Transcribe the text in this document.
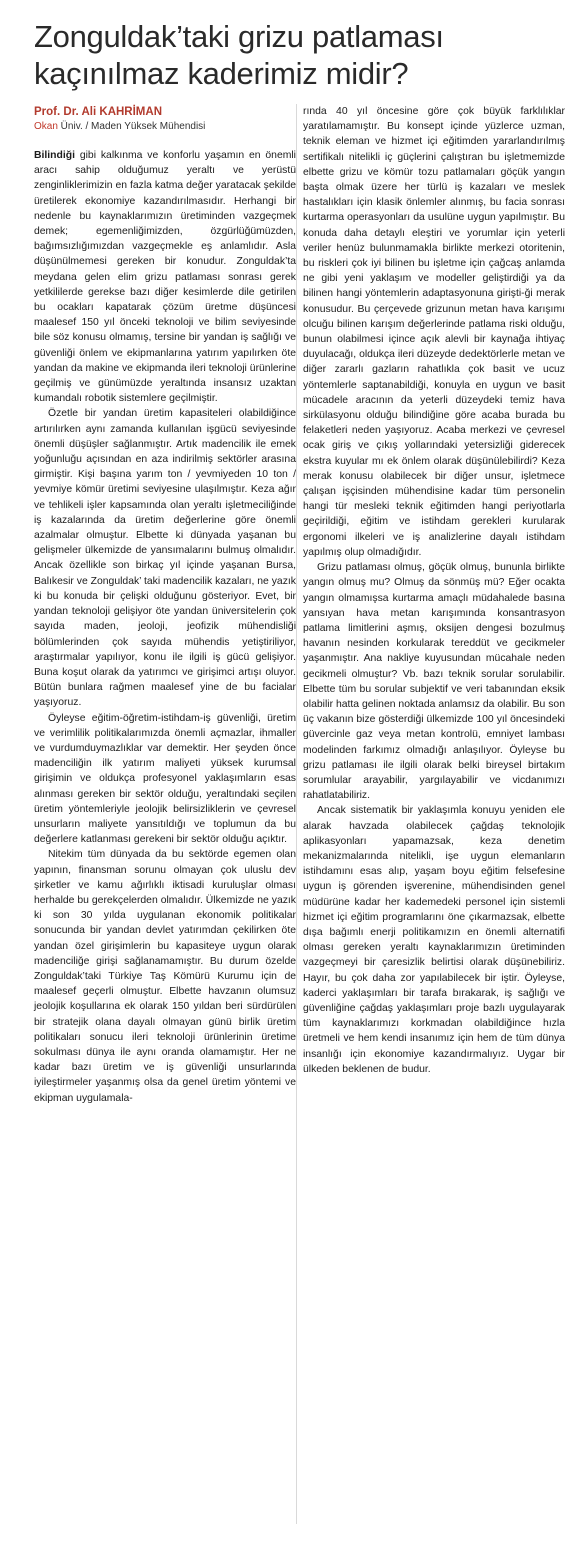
Zonguldak’taki grizu patlaması
kaçınılmaz kaderimiz midir?
Prof. Dr. Ali KAHRİMAN
Okan Üniv. / Maden Yüksek Mühendisi

Bilindiği gibi kalkınma ve konforlu yaşamın en önemli aracı sahip olduğumuz yeraltı ve yerüstü zenginliklerimizin en fazla katma değer yaratacak şekilde üretilerek ekonomiye kazandırılmasıdır. Herhangi bir nedenle bu kaynaklarımızın üretiminden vazgeçmek demek; egemenliğimizden, özgürlüğümüzden, bağımsızlığımızdan vazgeçmekle eş anlamlıdır. Asla düşünülmemesi gereken bir konudur. Zonguldak’ta meydana gelen elim grizu patlaması sonrası gerek yetkililerde gerekse bazı diğer kesimlerde dile getirilen bu ocakları kapatarak çözüm üretme düşüncesi maalesef 150 yıl önceki teknoloji ve bilim seviyesinde bile söz konusu olmamış, tersine bir yandan iş sağlığı ve güvenliği önlem ve ekipmanlarına yatırım yapılırken öte yandan da makine ve ekipmanda ileri teknoloji ürünlerine geçilmiş ve günümüzde yeraltında insansız uzaktan kumandalı robotik sistemlere geçilmiştir.

Özetle bir yandan üretim kapasiteleri olabildiğince artırılırken aynı zamanda kullanılan işgücü seviyesinde önemli düşüşler sağlanmıştır. Artık madencilik ile emek yoğunluğu açısından en aza indirilmiş sektörler arasına girmiştir. Kişi başına yarım ton / yevmiyeden 10 ton / yevmiye kömür üretimi seviyesine ulaşılmıştır. Keza ağır ve tehlikeli işler kapsamında olan yeraltı işletmeciliğinde iş kazalarında da üretim değerlerine göre önemli azalmalar olmuştur. Elbette ki dünyada yaşanan bu gelişmeler ülkemizde de yansımalarını bulmuş olmalıdır. Ancak özellikle son birkaç yıl içinde yaşanan Bursa, Balıkesir ve Zonguldak’ taki madencilik kazaları, ne yazık ki bu konuda bir çelişki olduğunu gösteriyor. Evet, bir yandan teknoloji gelişiyor öte yandan üniversitelerin çok sayıda maden, jeoloji, jeofizik mühendisliği bölümlerinden çok sayıda mühendis yetiştiriliyor, araştırmalar yapılıyor, konu ile ilgili iş gücü gelişiyor. Buna koşut olarak da yatırımcı ve girişimci artışı oluyor. Bütün bunlara rağmen maalesef yine de bu facialar yaşıyoruz.

Öyleyse eğitim-öğretim-istihdam-iş güvenliği, üretim ve verimlilik politikalarımızda önemli açmazlar, ihmaller ve vurdumduymazlıklar var demektir. Her şeyden önce madenciliğin ilk yatırım maliyeti yüksek kurumsal girişimin ve oldukça profesyonel yaklaşımların esas alınması gereken bir sektör olduğu, yeraltındaki seçilen üretim yöntemleriyle jeolojik belirsizliklerin ve çevresel unsurların maliyete yansıtıldığı ve toplumun da bu değerlere katlanması gerekeni bir sektör olduğu açıktır.

Nitekim tüm dünyada da bu sektörde egemen olan yapının, finansman sorunu olmayan çok uluslu dev şirketler ve kamu ağırlıklı iktisadi kuruluşlar olması herhalde bu gerekçelerden olmalıdır. Ülkemizde ne yazık ki son 30 yılda uygulanan ekonomik politikalar sonucunda bir yandan devlet yatırımdan çekilirken öte yandan özel girişimlerin bu kapasiteye uygun olarak madenciliğe girişi sağlanamamıştır. Bu durum özelde Zonguldak’taki Türkiye Taş Kömürü Kurumu için de maalesef geçerli olmuştur. Elbette havzanın olumsuz jeolojik koşullarına ek olarak 150 yıldan beri sürdürülen bir stratejik olana dayalı olmayan günü birlik üretim politikaları sonucu ileri teknoloji ürünlerinin üretime sokulması dünya ile aynı oranda olamamıştır. Her ne kadar bazı üretim ve iş güvenliği unsurlarında iyileştirmeler yaşanmış olsa da genel üretim yöntemi ve ekipman uygulamala-

rında 40 yıl öncesine göre çok büyük farklılıklar yaratılamamıştır. Bu konsept içinde yüzlerce uzman, teknik eleman ve hizmet içi eğitimden yararlandırılmış sertifikalı nitelikli iç güçlerini çalıştıran bu işletmemizde elbette grizu ve kömür tozu patlamaları göçük yangın başta olmak üzere her türlü iş kazaları ve meslek hastalıkları için klasik önlemler alınmış, bu facia sonrası kurtarma operasyonları da usulüne uygun yapılmıştır. Bu konuda daha detaylı eleştiri ve yorumlar için yeterli veriler henüz bulunmamakla birlikte merkezi otoritenin, bu riskleri çok iyi bilinen bu işletme için çağcaş anlamda ne gibi yeni yaklaşım ve modeller geliştirdiği ya da bilinen hangi yöntemlerin adaptasyonuna girişti-ği merak konusudur. Bu çerçevede grizunun metan hava karışımı olcuğu bilinen karışım değerlerinde patlama riski olduğu, bunun olabilmesi içince açık alevli bir kaynağa ihtiyaç duyulacağı, oldukça ileri düzeyde dedektörlerle metan ve diğer zararlı gazların rahatlıkla çok basit ve ucuz yöntemlerle saptanabildiği, konuyla en uygun ve basit mücadele aracının da yeterli düzeydeki temiz hava sirkülasyonu olduğu bilindiğine göre acaba burada bu felaketleri neden yaşıyoruz. Acaba merkezi ve çevresel ocak giriş ve çıkış yollarındaki yetersizliği giderecek ekstra kuyular mı ek önlem olarak düşünülebilirdi? Keza merak konusu olabilecek bir diğer unsur, işletmece çalışan işçisinden mühendisine kadar tüm personelin hangi tür mesleki teknik eğitimden hangi periyotlarla geçirildiği, eğitim ve istihdam gerekleri kurularak ergonomi ilkeleri ve iş analizlerine dayalı istihdam yapılmış olup olmadığıdır.

Grizu patlaması olmuş, göçük olmuş, bununla birlikte yangın olmuş mu? Olmuş da sönmüş mü? Eğer ocakta yangın olmamışsa kurtarma amaçlı müdahalede basına yansıyan hava metan karışımında konsantrasyon patlama limitlerini aşmış, oksijen dengesi bozulmuş havanın nesinden korkularak tereddüt ve gecikmeler yaşanmıştır. Ana nakliye kuyusundan mücahale neden gecikmeli olmuştur? Vb. bazı teknik sorular sorulabilir. Elbette tüm bu sorular subjektif ve veri tabanından eksik olabilir hatta gelinen noktada anlamsız da olabilir. Bu son üç vakanın bize gösterdiği ülkemizde 100 yıl öncesindeki güvercinle gaz veya metan kontrolü, emniyet lambası modelinden farkımız olmadığı anlaşılıyor. Öyleyse bu grizu patlaması ile ilgili olarak belki bireysel birtakım sorumlular arayabilir, yargılayabilir ve vicdanımızı rahatlatabiliriz.

Ancak sistematik bir yaklaşımla konuyu yeniden ele alarak havzada olabilecek çağdaş teknolojik aplikasyonları yapamazsak, keza denetim mekanizmalarında nitelikli, işe uygun elemanların istihdamını esas alıp, yaşam boyu eğitim felsefesine uygun iş görenden işverenine, mühendisinden genel müdürüne kadar her kademedeki personel için sistemli hizmet içi eğitim programlarını öne çıkarmazsak, elbette dışa bağımlı enerji politikamızın en önemli alternatifi olması gereken yeraltı kaynaklarımızın üretiminden vazgeçmeyi bir çaresizlik belirtisi olarak düşünebiliriz. Hayır, bu çok daha zor yapılabilecek bir iştir. Öyleyse, kaderci yaklaşımları bir tarafa bırakarak, iş sağlığı ve güvenliğine çağdaş yaklaşımları proje bazlı uygulayarak tüm kaynaklarımızı korkmadan olabildiğince hızla üretmeli ve hem kendi insanımız için hem de tüm dünya insanlığı için ekonomiye kazandırmalıyız. Uygar bir ülkeden beklenen de budur.
